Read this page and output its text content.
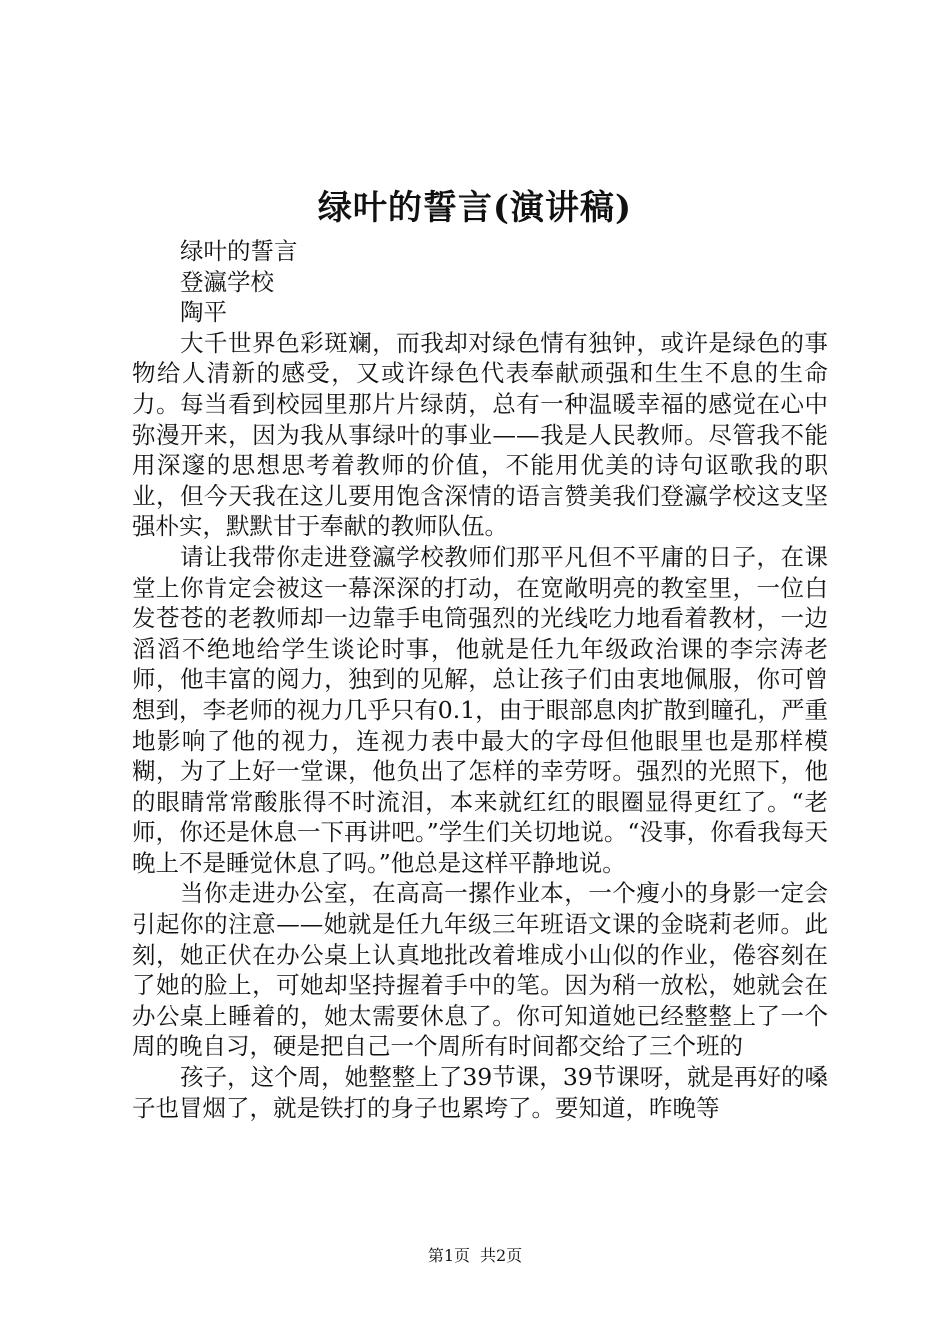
绿叶的誓言(演讲稿)

绿叶的誓言

登瀛学校

陶平

大千世界色彩斑斓，而我却对绿色情有独钟，或许是绿色的事物给人清新的感受，又或许绿色代表奉献顽强和生生不息的生命力。每当看到校园里那片片绿荫，总有一种温暖幸福的感觉在心中弥漫开来，因为我从事绿叶的事业——我是人民教师。尽管我不能用深邃的思想思考着教师的价值，不能用优美的诗句讴歌我的职业，但今天我在这儿要用饱含深情的语言赞美我们登瀛学校这支坚强朴实，默默甘于奉献的教师队伍。

请让我带你走进登瀛学校教师们那平凡但不平庸的日子，在课堂上你肯定会被这一幕深深的打动，在宽敞明亮的教室里，一位白发苍苍的老教师却一边靠手电筒强烈的光线吃力地看着教材，一边滔滔不绝地给学生谈论时事，他就是任九年级政治课的李宗涛老师，他丰富的阅力，独到的见解，总让孩子们由衷地佩服，你可曾想到，李老师的视力几乎只有0.1，由于眼部息肉扩散到瞳孔，严重地影响了他的视力，连视力表中最大的字母但他眼里也是那样模糊，为了上好一堂课，他负出了怎样的幸劳呀。强烈的光照下，他的眼睛常常酸胀得不时流泪，本来就红红的眼圈显得更红了。“老师，你还是休息一下再讲吧。”学生们关切地说。“没事，你看我每天晚上不是睡觉休息了吗。”他总是这样平静地说。

当你走进办公室，在高高一摞作业本，一个瘦小的身影一定会引起你的注意——她就是任九年级三年班语文课的金晓莉老师。此刻，她正伏在办公桌上认真地批改着堆成小山似的作业，倦容刻在了她的脸上，可她却坚持握着手中的笔。因为稍一放松，她就会在办公桌上睡着的，她太需要休息了。你可知道她已经整整上了一个周的晚自习，硬是把自己一个周所有时间都交给了三个班的

孩子，这个周，她整整上了39节课，39节课呀，就是再好的嗓子也冒烟了，就是铁打的身子也累垮了。要知道，昨晚等

第1页 共2页
